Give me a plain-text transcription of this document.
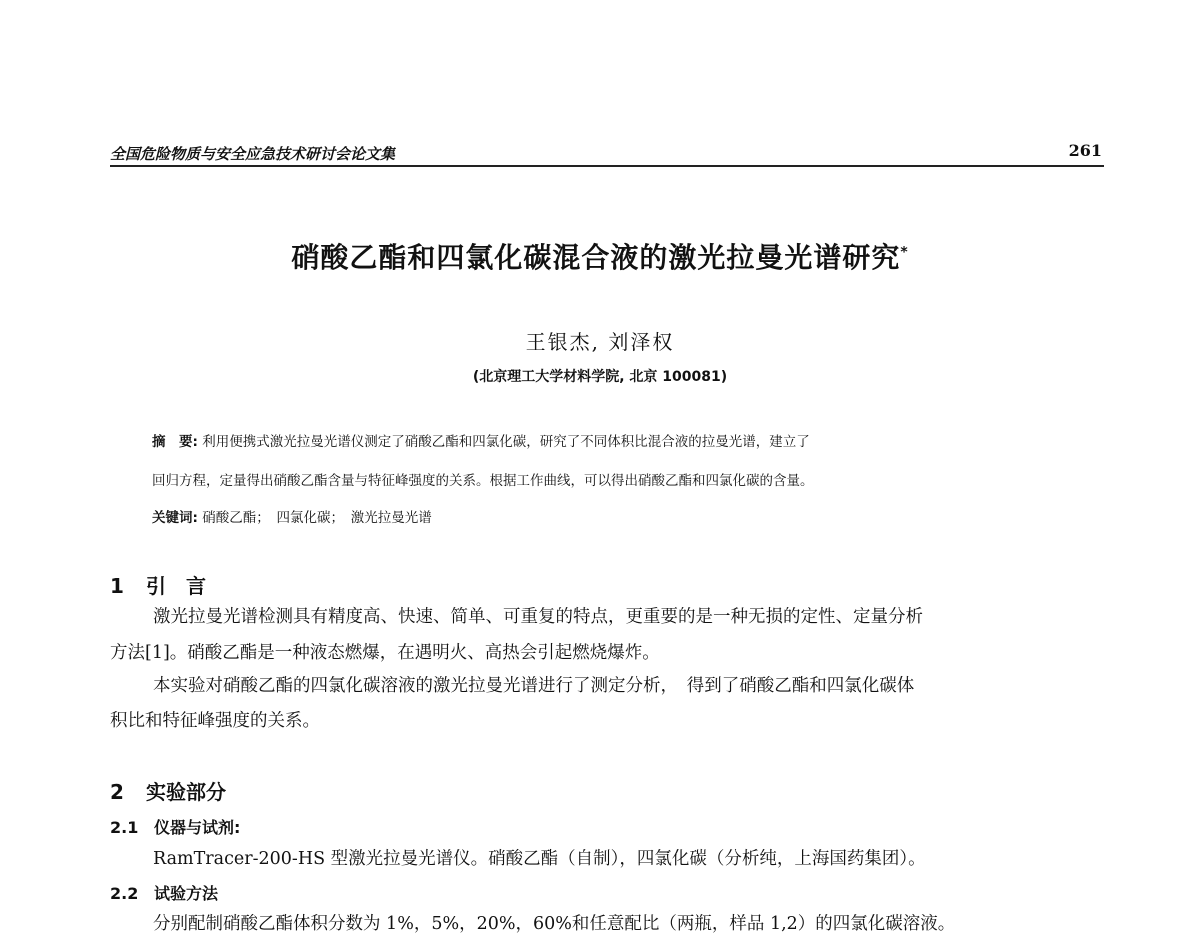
全国危险物质与安全应急技术研讨会论文集	261
硝酸乙酯和四氯化碳混合液的激光拉曼光谱研究*
王银杰, 刘泽权
(北京理工大学材料学院, 北京 100081)
摘　要: 利用便携式激光拉曼光谱仪测定了硝酸乙酯和四氯化碳，研究了不同体积比混合液的拉曼光谱，建立了
回归方程，定量得出硝酸乙酯含量与特征峰强度的关系。根据工作曲线，可以得出硝酸乙酯和四氯化碳的含量。
关键词: 硝酸乙酯；　四氯化碳；　激光拉曼光谱
1 引　言
激光拉曼光谱检测具有精度高、快速、简单、可重复的特点，更重要的是一种无损的定性、定量分析
方法[1]。硝酸乙酯是一种液态燃爆，在遇明火、高热会引起燃烧爆炸。
本实验对硝酸乙酯的四氯化碳溶液的激光拉曼光谱进行了测定分析，　得到了硝酸乙酯和四氯化碳体
积比和特征峰强度的关系。
2 实验部分
2.1 仪器与试剂:
RamTracer-200-HS 型激光拉曼光谱仪。硝酸乙酯（自制），四氯化碳（分析纯，上海国药集团）。
2.2 试验方法
分别配制硝酸乙酯体积分数为 1%，5%，20%，60%和任意配比（两瓶，样品 1,2）的四氯化碳溶液。
